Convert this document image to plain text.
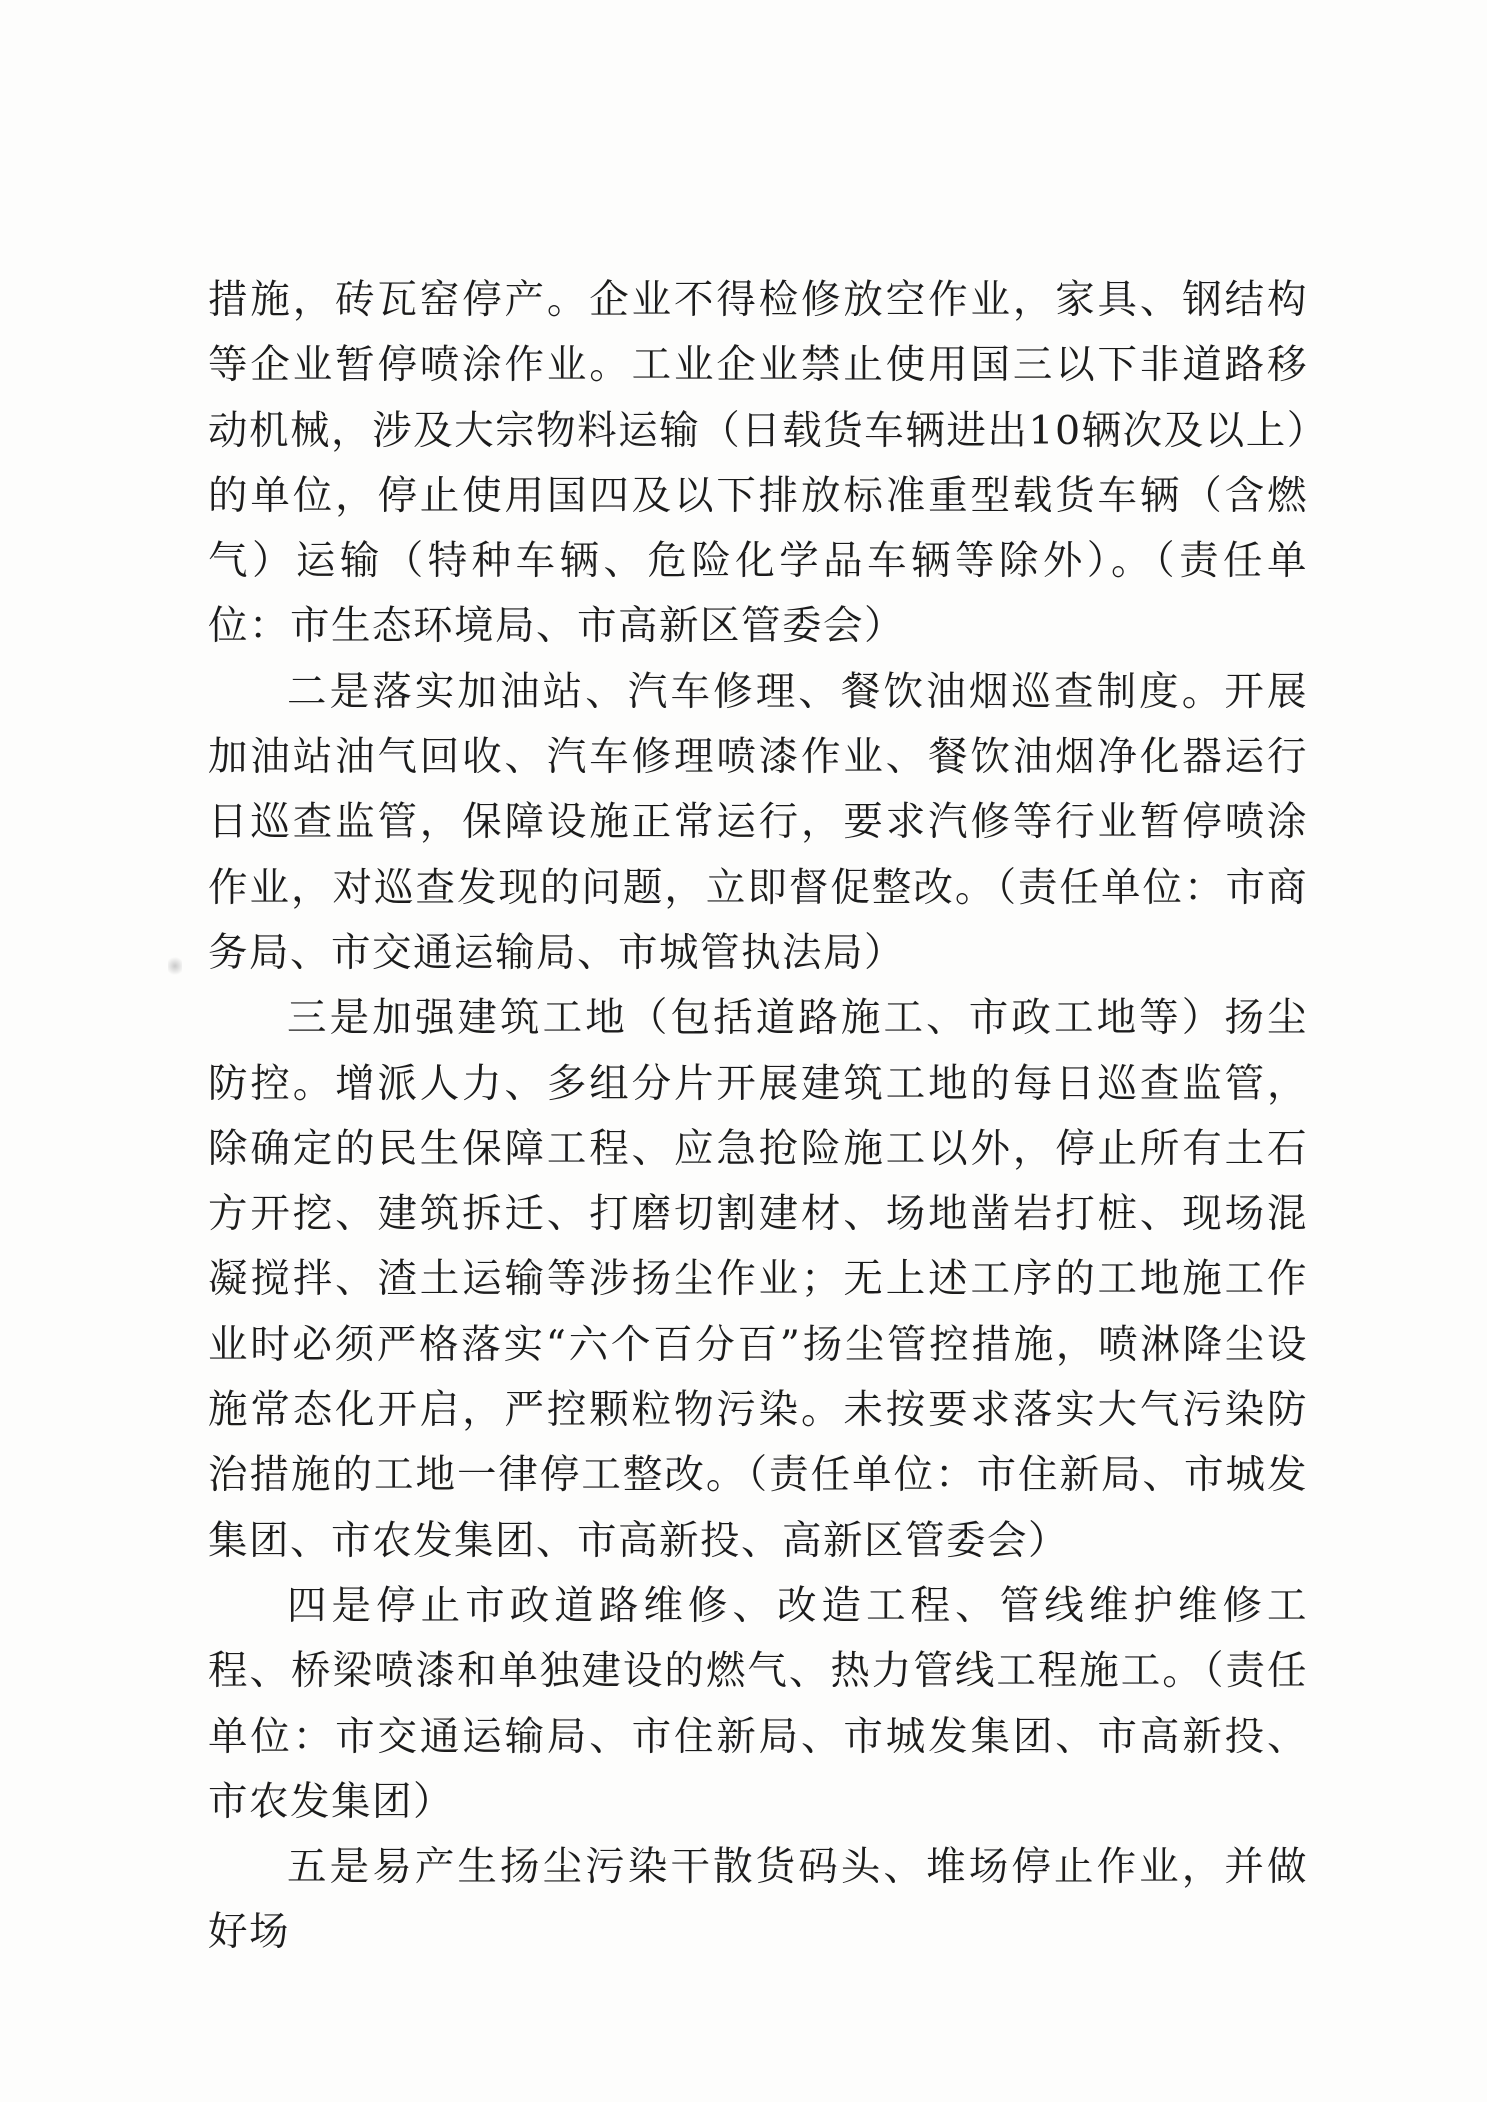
措施，砖瓦窑停产。企业不得检修放空作业，家具、钢结构等企业暂停喷涂作业。工业企业禁止使用国三以下非道路移动机械，涉及大宗物料运输（日载货车辆进出10辆次及以上）的单位，停止使用国四及以下排放标准重型载货车辆（含燃气）运输（特种车辆、危险化学品车辆等除外）。（责任单位：市生态环境局、市高新区管委会）

二是落实加油站、汽车修理、餐饮油烟巡查制度。开展加油站油气回收、汽车修理喷漆作业、餐饮油烟净化器运行日巡查监管，保障设施正常运行，要求汽修等行业暂停喷涂作业，对巡查发现的问题，立即督促整改。（责任单位：市商务局、市交通运输局、市城管执法局）

三是加强建筑工地（包括道路施工、市政工地等）扬尘防控。增派人力、多组分片开展建筑工地的每日巡查监管，除确定的民生保障工程、应急抢险施工以外，停止所有土石方开挖、建筑拆迁、打磨切割建材、场地凿岩打桩、现场混凝搅拌、渣土运输等涉扬尘作业；无上述工序的工地施工作业时必须严格落实“六个百分百”扬尘管控措施，喷淋降尘设施常态化开启，严控颗粒物污染。未按要求落实大气污染防治措施的工地一律停工整改。（责任单位：市住新局、市城发集团、市农发集团、市高新投、高新区管委会）

四是停止市政道路维修、改造工程、管线维护维修工程、桥梁喷漆和单独建设的燃气、热力管线工程施工。（责任单位：市交通运输局、市住新局、市城发集团、市高新投、市农发集团）

五是易产生扬尘污染干散货码头、堆场停止作业，并做好场
